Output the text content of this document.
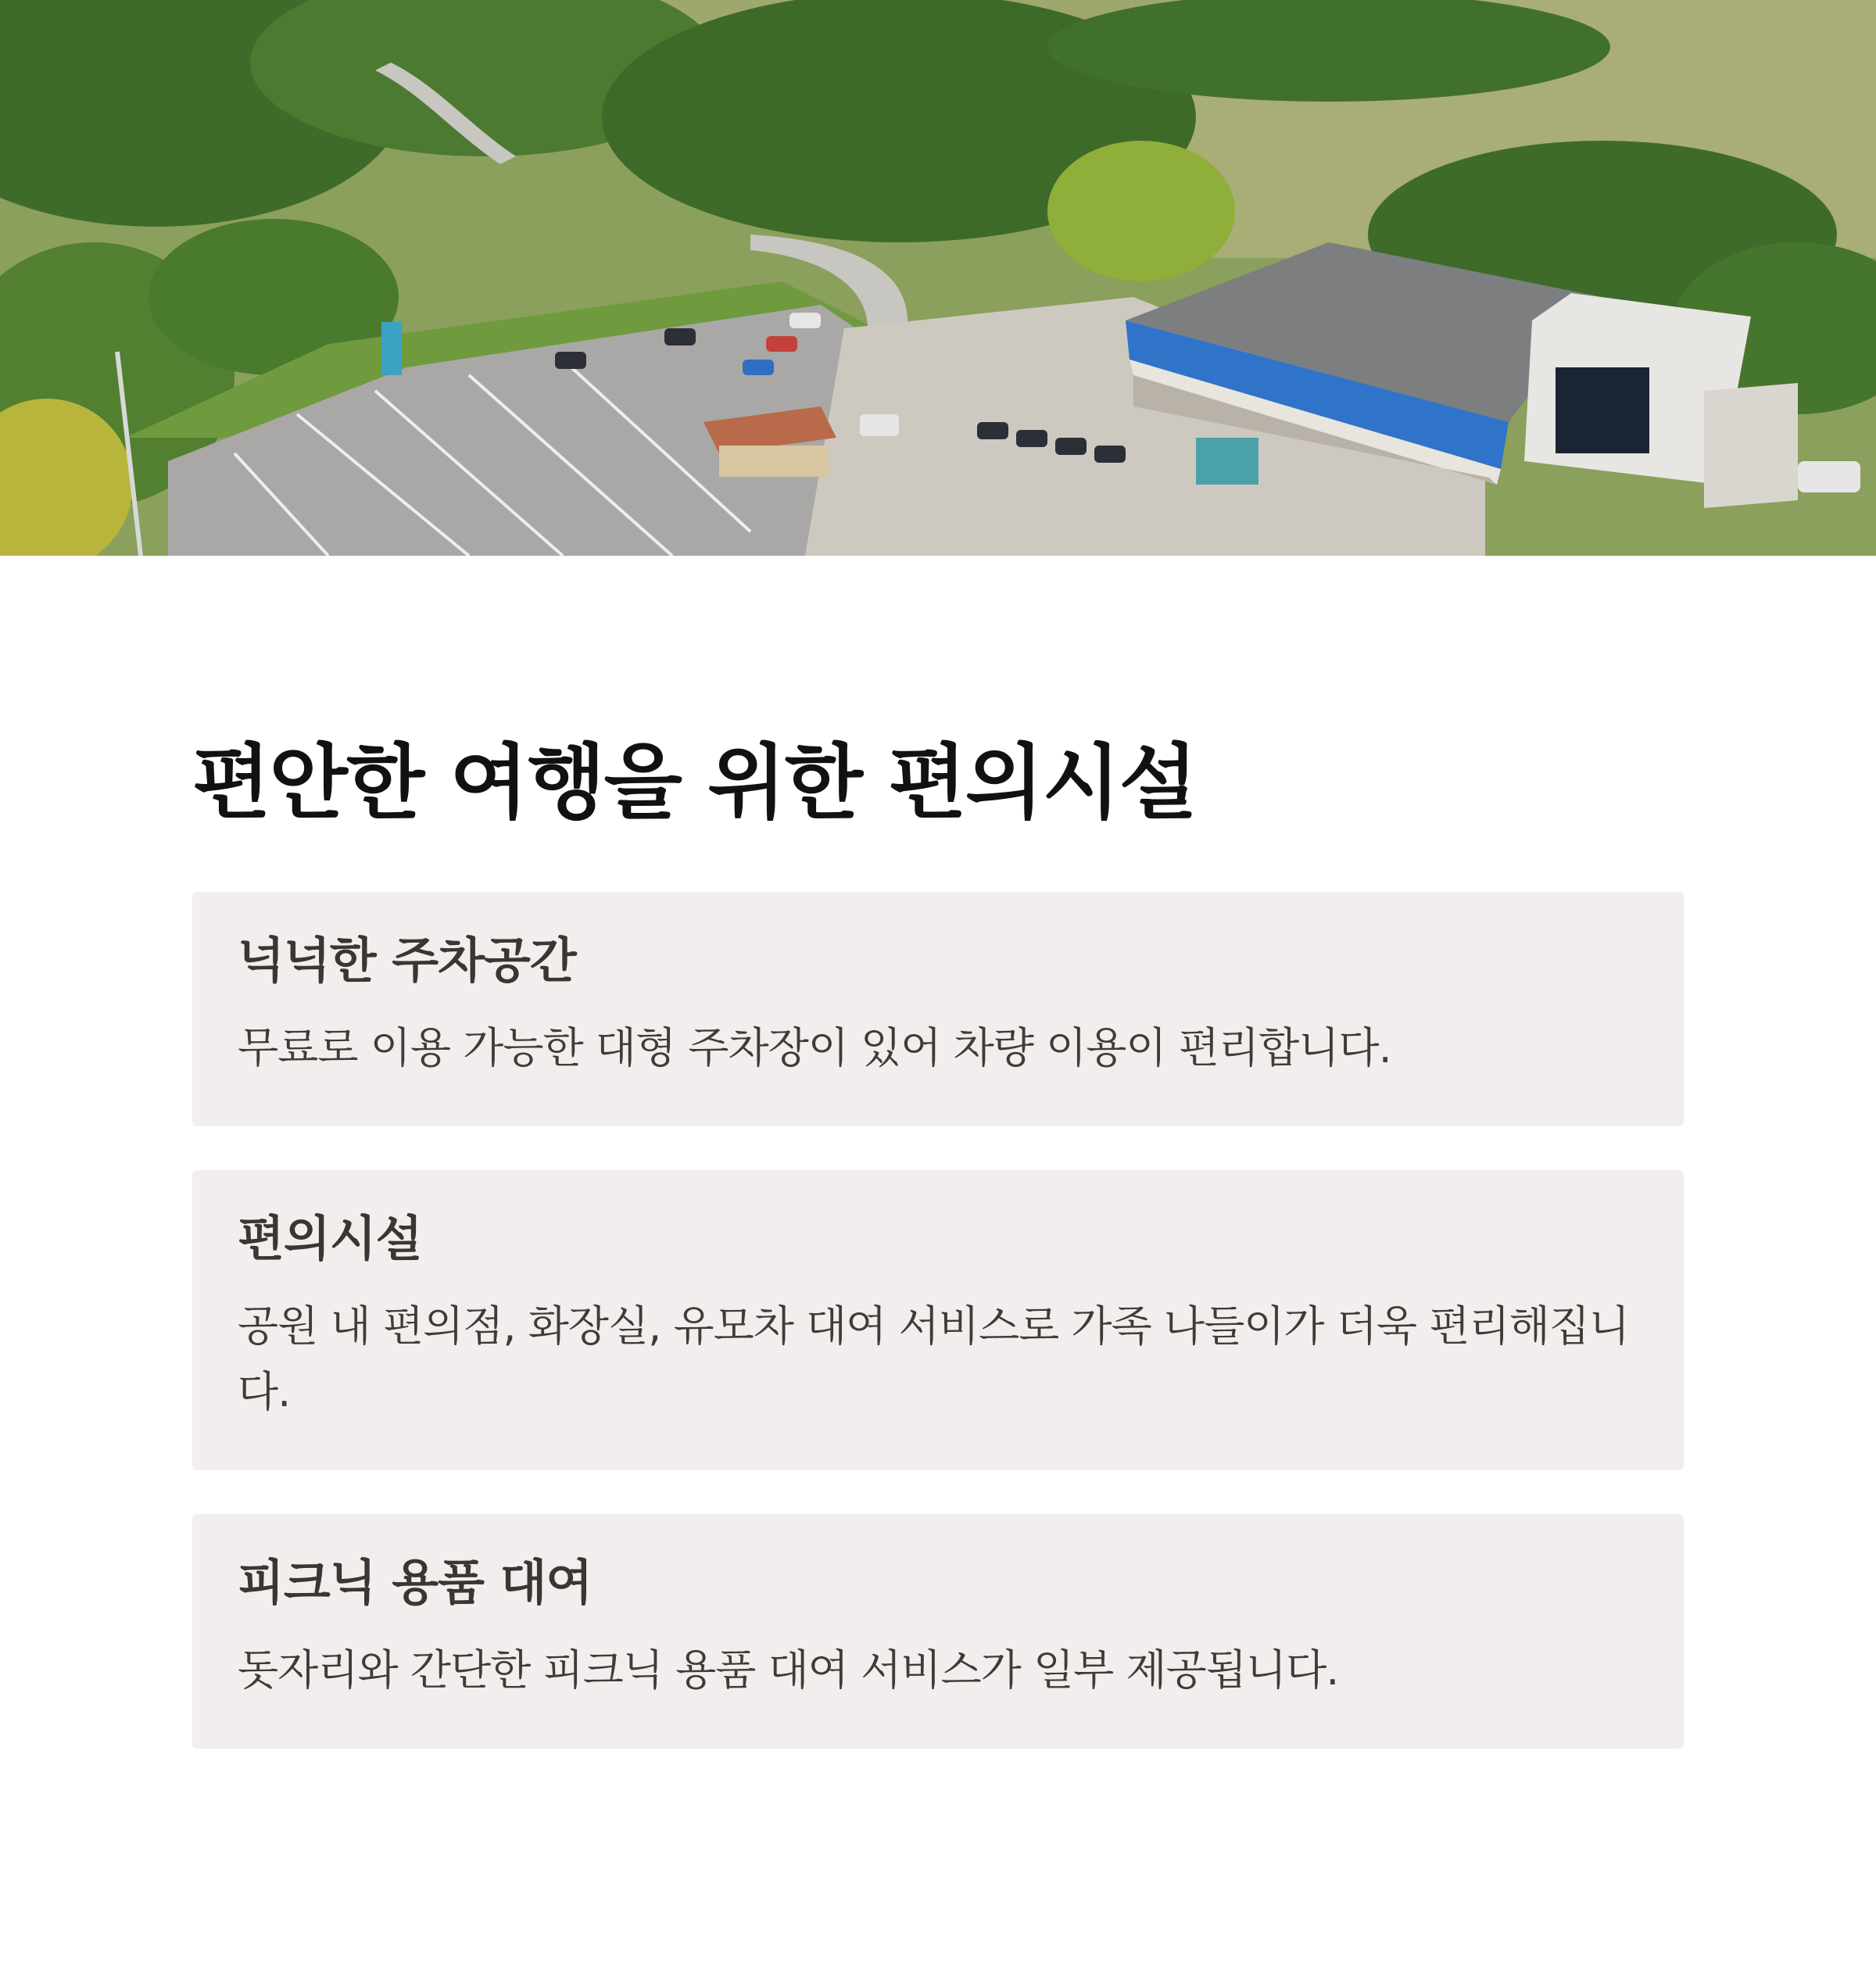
편안한 여행을 위한 편의시설
넉넉한 주차공간

무료로 이용 가능한 대형 주차장이 있어 차량 이용이 편리합니다.

편의시설

공원 내 편의점, 화장실, 유모차 대여 서비스로 가족 나들이가 더욱 편리해집니다.

피크닉 용품 대여

돗자리와 간단한 피크닉 용품 대여 서비스가 일부 제공됩니다.
